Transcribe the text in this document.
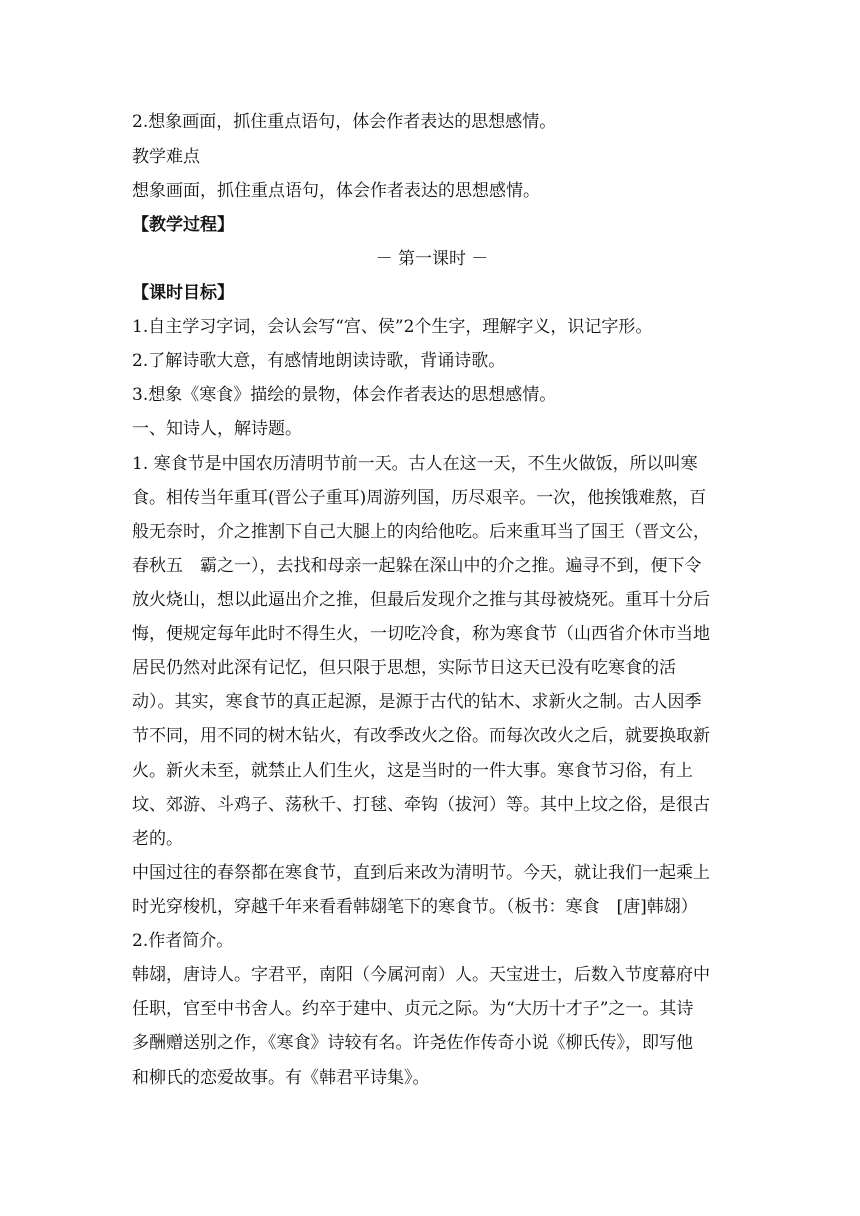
2.想象画面，抓住重点语句，体会作者表达的思想感情。
教学难点
想象画面，抓住重点语句，体会作者表达的思想感情。
【教学过程】
－ 第一课时 －
【课时目标】
1.自主学习字词，会认会写“宫、侯”2个生字，理解字义，识记字形。
2.了解诗歌大意，有感情地朗读诗歌，背诵诗歌。
3.想象《寒食》描绘的景物，体会作者表达的思想感情。
一、知诗人，解诗题。
1. 寒食节是中国农历清明节前一天。古人在这一天，不生火做饭，所以叫寒
食。相传当年重耳(晋公子重耳)周游列国，历尽艰辛。一次，他挨饿难熬，百
般无奈时，介之推割下自己大腿上的肉给他吃。后来重耳当了国王（晋文公，
春秋五　霸之一），去找和母亲一起躲在深山中的介之推。遍寻不到，便下令
放火烧山，想以此逼出介之推，但最后发现介之推与其母被烧死。重耳十分后
悔，便规定每年此时不得生火，一切吃冷食，称为寒食节（山西省介休市当地
居民仍然对此深有记忆，但只限于思想，实际节日这天已没有吃寒食的活
动）。其实，寒食节的真正起源，是源于古代的钻木、求新火之制。古人因季
节不同，用不同的树木钻火，有改季改火之俗。而每次改火之后，就要换取新
火。新火未至，就禁止人们生火，这是当时的一件大事。寒食节习俗，有上
坟、郊游、斗鸡子、荡秋千、打毬、牵钩（拔河）等。其中上坟之俗，是很古
老的。
中国过往的春祭都在寒食节，直到后来改为清明节。今天，就让我们一起乘上
时光穿梭机，穿越千年来看看韩翃笔下的寒食节。（板书：寒食　[唐]韩翃）
2.作者简介。
韩翃，唐诗人。字君平，南阳（今属河南）人。天宝进士，后数入节度幕府中
任职，官至中书舍人。约卒于建中、贞元之际。为“大历十才子”之一。其诗
多酬赠送别之作，《寒食》诗较有名。许尧佐作传奇小说《柳氏传》，即写他
和柳氏的恋爱故事。有《韩君平诗集》。
